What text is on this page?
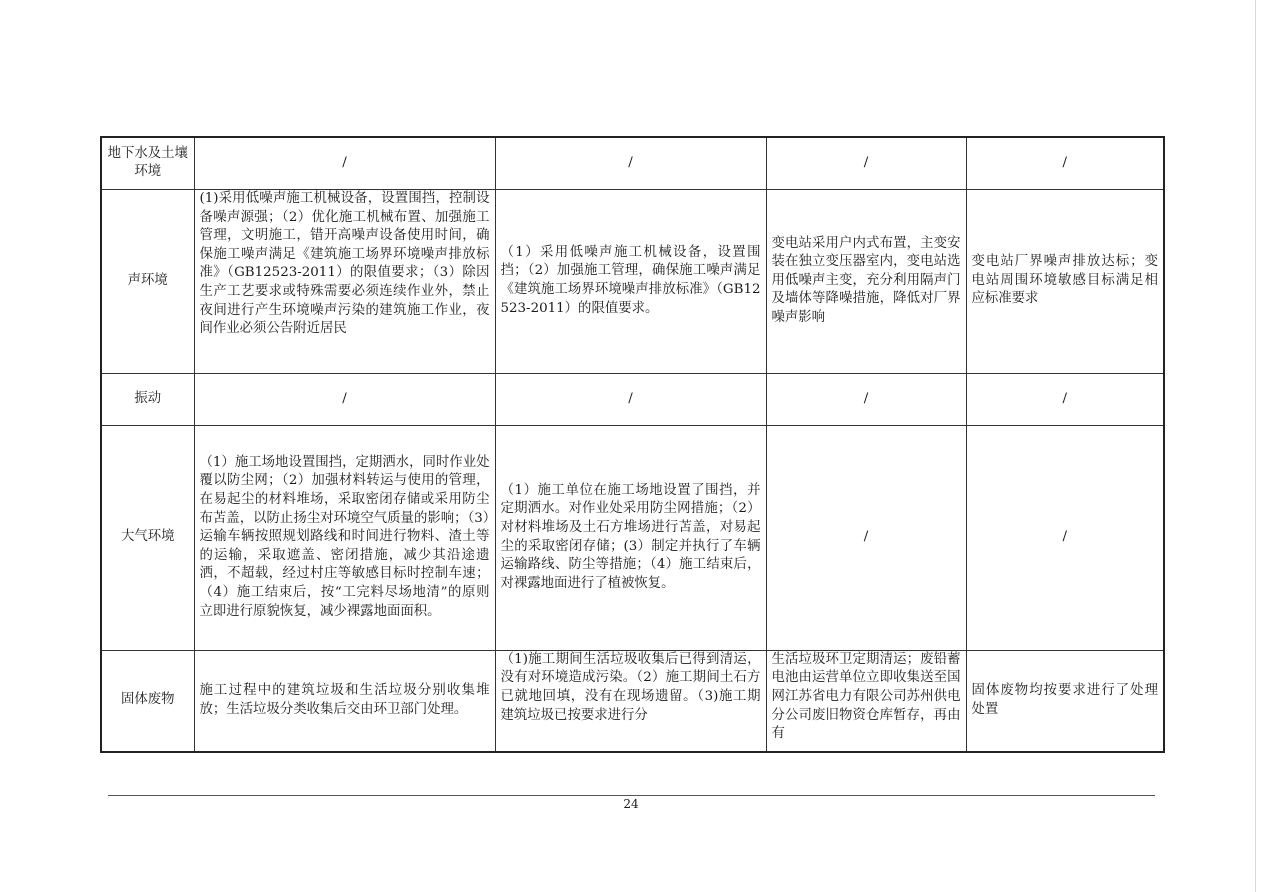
地下水及土壤环境	/	/	/	/
声环境	(1)采用低噪声施工机械设备，设置围挡，控制设备噪声源强；（2）优化施工机械布置、加强施工管理，文明施工，错开高噪声设备使用时间，确保施工噪声满足《建筑施工场界环境噪声排放标准》（GB12523-2011）的限值要求；（3）除因生产工艺要求或特殊需要必须连续作业外，禁止夜间进行产生环境噪声污染的建筑施工作业，夜间作业必须公告附近居民	（1）采用低噪声施工机械设备，设置围挡；（2）加强施工管理，确保施工噪声满足《建筑施工场界环境噪声排放标准》（GB12523-2011）的限值要求。	变电站采用户内式布置，主变安装在独立变压器室内，变电站选用低噪声主变，充分利用隔声门及墙体等降噪措施，降低对厂界噪声影响	变电站厂界噪声排放达标；变电站周围环境敏感目标满足相应标准要求
振动	/	/	/	/
大气环境	（1）施工场地设置围挡，定期洒水，同时作业处覆以防尘网；（2）加强材料转运与使用的管理，在易起尘的材料堆场，采取密闭存储或采用防尘布苫盖，以防止扬尘对环境空气质量的影响；（3）运输车辆按照规划路线和时间进行物料、渣土等的运输，采取遮盖、密闭措施，减少其沿途遗洒，不超载，经过村庄等敏感目标时控制车速；（4）施工结束后，按“工完料尽场地清”的原则立即进行原貌恢复，减少裸露地面面积。	（1）施工单位在施工场地设置了围挡，并定期洒水。对作业处采用防尘网措施；（2）对材料堆场及土石方堆场进行苫盖，对易起尘的采取密闭存储；(3）制定并执行了车辆运输路线、防尘等措施；（4）施工结束后，对裸露地面进行了植被恢复。	/	/
固体废物	施工过程中的建筑垃圾和生活垃圾分别收集堆放；生活垃圾分类收集后交由环卫部门处理。	（1)施工期间生活垃圾收集后已得到清运，没有对环境造成污染。（2）施工期间土石方已就地回填，没有在现场遗留。（3)施工期建筑垃圾已按要求进行分	生活垃圾环卫定期清运；废铅蓄电池由运营单位立即收集送至国网江苏省电力有限公司苏州供电分公司废旧物资仓库暂存，再由有	固体废物均按要求进行了处理处置
24
